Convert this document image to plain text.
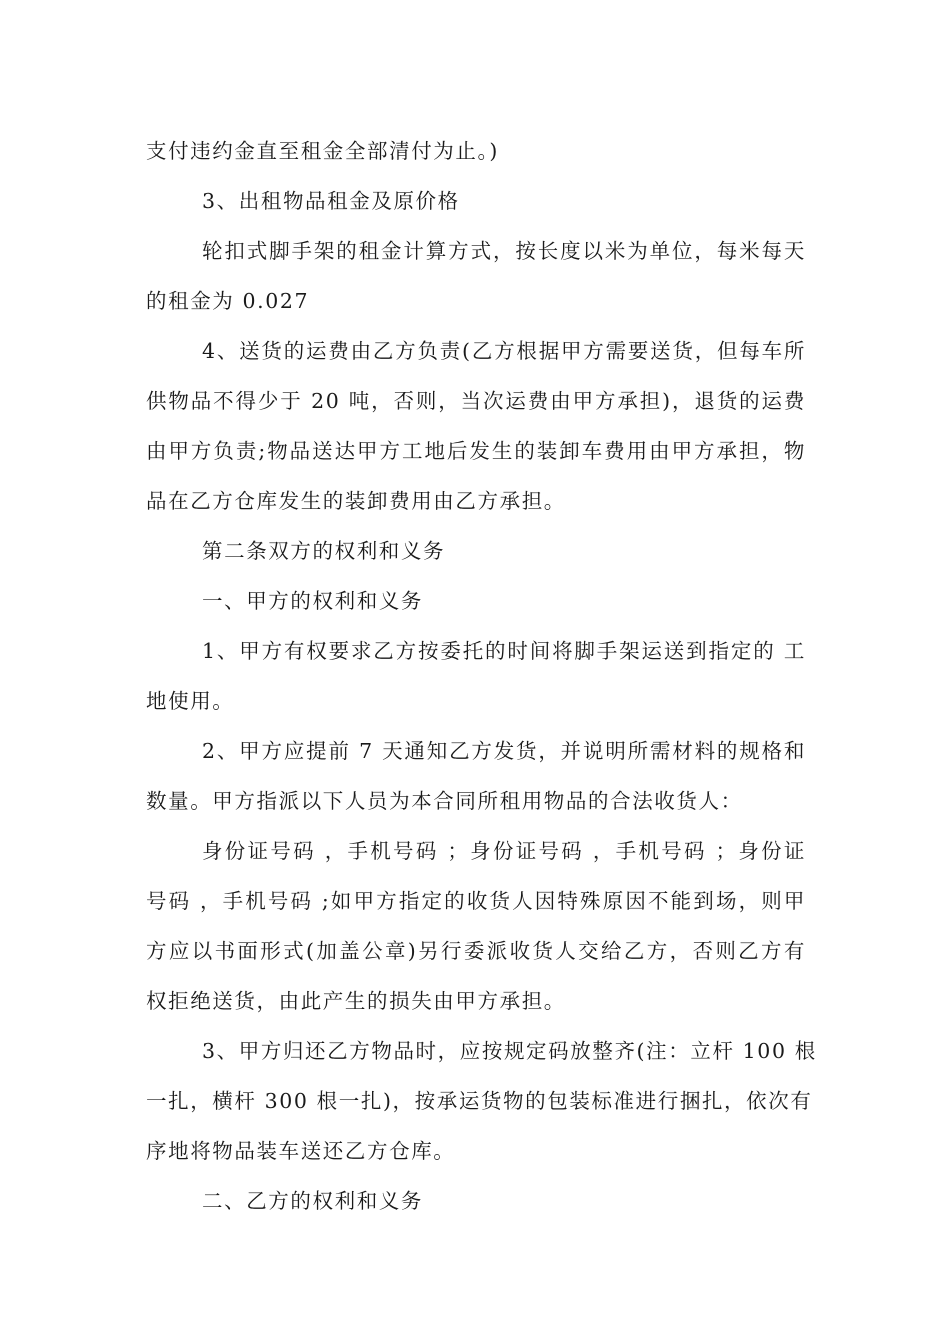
支付违约金直至租金全部清付为止。)
3、出租物品租金及原价格
轮扣式脚手架的租金计算方式，按长度以米为单位，每米每天
的租金为 0.027
4、送货的运费由乙方负责(乙方根据甲方需要送货，但每车所
供物品不得少于 20 吨，否则，当次运费由甲方承担)，退货的运费
由甲方负责;物品送达甲方工地后发生的装卸车费用由甲方承担，物
品在乙方仓库发生的装卸费用由乙方承担。
第二条双方的权利和义务
一、甲方的权利和义务
1、甲方有权要求乙方按委托的时间将脚手架运送到指定的 工
地使用。
2、甲方应提前 7 天通知乙方发货，并说明所需材料的规格和
数量。甲方指派以下人员为本合同所租用物品的合法收货人：
身份证号码 ，手机号码 ；身份证号码 ，手机号码 ；身份证
号码 ，手机号码 ;如甲方指定的收货人因特殊原因不能到场，则甲
方应以书面形式(加盖公章)另行委派收货人交给乙方，否则乙方有
权拒绝送货，由此产生的损失由甲方承担。
3、甲方归还乙方物品时，应按规定码放整齐(注：立杆 100 根
一扎，横杆 300 根一扎)，按承运货物的包装标准进行捆扎，依次有
序地将物品装车送还乙方仓库。
二、乙方的权利和义务
